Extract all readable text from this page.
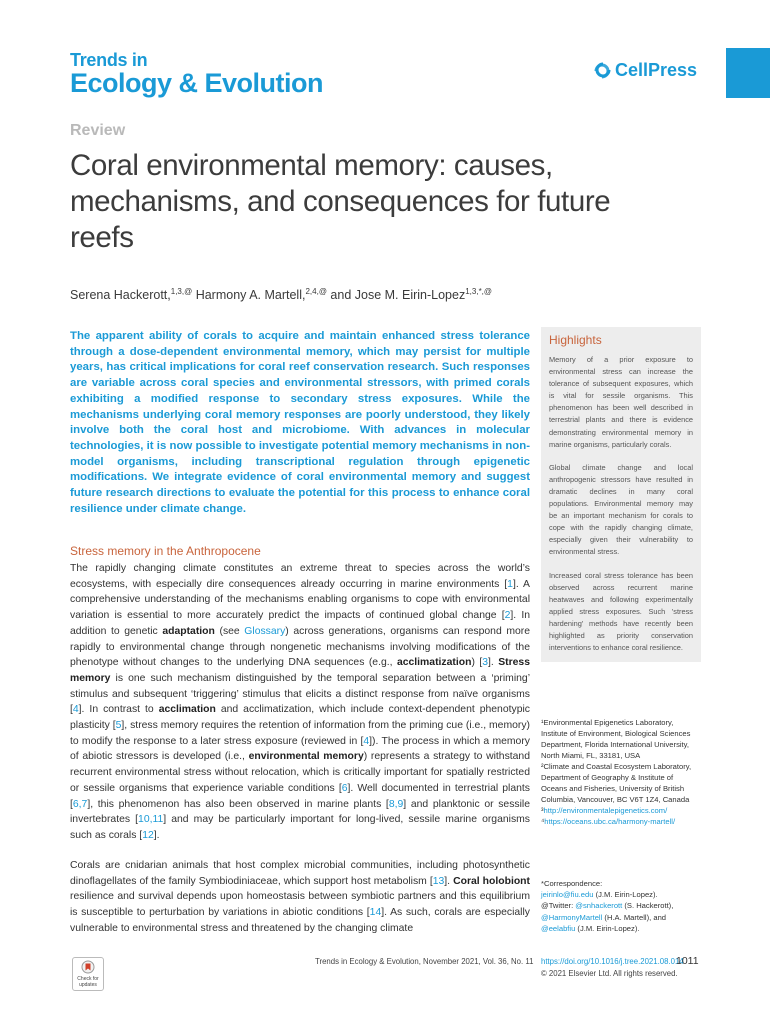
Trends in
Ecology & Evolution	CellPress
Review
Coral environmental memory: causes, mechanisms, and consequences for future reefs
Serena Hackerott,$^{1,3,@}$ Harmony A. Martell,$^{2,4,@}$ and Jose M. Eirin-Lopez$^{1,3,*,@}$

The apparent ability of corals to acquire and maintain enhanced stress tolerance through a dose-dependent environmental memory, which may persist for multiple years, has critical implications for coral reef conservation research. Such responses are variable across coral species and environmental stressors, with primed corals exhibiting a modified response to secondary stress exposures. While the mechanisms underlying coral memory responses are poorly understood, they likely involve both the coral host and microbiome. With advances in molecular technologies, it is now possible to investigate potential memory mechanisms in non-model organisms, including transcriptional regulation through epigenetic modifications. We integrate evidence of coral environmental memory and suggest future research directions to evaluate the potential for this process to enhance coral resilience under climate change.

Stress memory in the Anthropocene

The rapidly changing climate constitutes an extreme threat to species across the world’s ecosystems, with especially dire consequences already occurring in marine environments [1]. A comprehensive understanding of the mechanisms enabling organisms to cope with environmental variation is essential to more accurately predict the impacts of continued global change [2]. In addition to genetic adaptation (see Glossary) across generations, organisms can respond more rapidly to environmental change through nongenetic mechanisms involving modifications of the phenotype without changes to the underlying DNA sequences (e.g., acclimatization) [3]. Stress memory is one such mechanism distinguished by the temporal separation between a ‘priming’ stimulus and subsequent ‘triggering’ stimulus that elicits a distinct response from naïve organisms [4]. In contrast to acclimation and acclimatization, which include context-dependent phenotypic plasticity [5], stress memory requires the retention of information from the priming cue (i.e., memory) to modify the response to a later stress exposure (reviewed in [4]). The process in which a memory of abiotic stressors is developed (i.e., environmental memory) represents a strategy to withstand recurrent environmental stress without relocation, which is critically important for spatially restricted or sessile organisms that experience variable conditions [6]. Well documented in terrestrial plants [6,7], this phenomenon has also been observed in marine plants [8,9] and planktonic or sessile invertebrates [10,11] and may be particularly important for long-lived, sessile marine organisms such as corals [12].

Corals are cnidarian animals that host complex microbial communities, including photosynthetic dinoflagellates of the family Symbiodiniaceae, which support host metabolism [13]. Coral holobiont resilience and survival depends upon homeostasis between symbiotic partners and this equilibrium is susceptible to perturbation by variations in abiotic conditions [14]. As such, corals are especially vulnerable to environmental stress and threatened by the changing climate

Highlights

Memory of a prior exposure to environmental stress can increase the tolerance of subsequent exposures, which is vital for sessile organisms. This phenomenon has been well described in terrestrial plants and there is evidence demonstrating environmental memory in marine organisms, particularly corals.

Global climate change and local anthropogenic stressors have resulted in dramatic declines in many coral populations. Environmental memory may be an important mechanism for corals to cope with the rapidly changing climate, especially given their vulnerability to environmental stress.

Increased coral stress tolerance has been observed across recurrent marine heatwaves and following experimentally applied stress exposures. Such 'stress hardening' methods have recently been highlighted as priority conservation interventions to enhance coral resilience.

¹Environmental Epigenetics Laboratory, Institute of Environment, Biological Sciences Department, Florida International University, North Miami, FL, 33181, USA
²Climate and Coastal Ecosystem Laboratory, Department of Geography & Institute of Oceans and Fisheries, University of British Columbia, Vancouver, BC V6T 1Z4, Canada
³http://environmentalepigenetics.com/
⁴https://oceans.ubc.ca/harmony-martell/
*Correspondence:
jeirinlo@fiu.edu (J.M. Eirin-Lopez).
@Twitter: @snhackerott (S. Hackerott),
@HarmonyMartell (H.A. Martell), and
@eelabfiu (J.M. Eirin-Lopez).
Check for updates
Trends in Ecology & Evolution, November 2021, Vol. 36, No. 11 https://doi.org/10.1016/j.tree.2021.08.014
1011
© 2021 Elsevier Ltd. All rights reserved.
